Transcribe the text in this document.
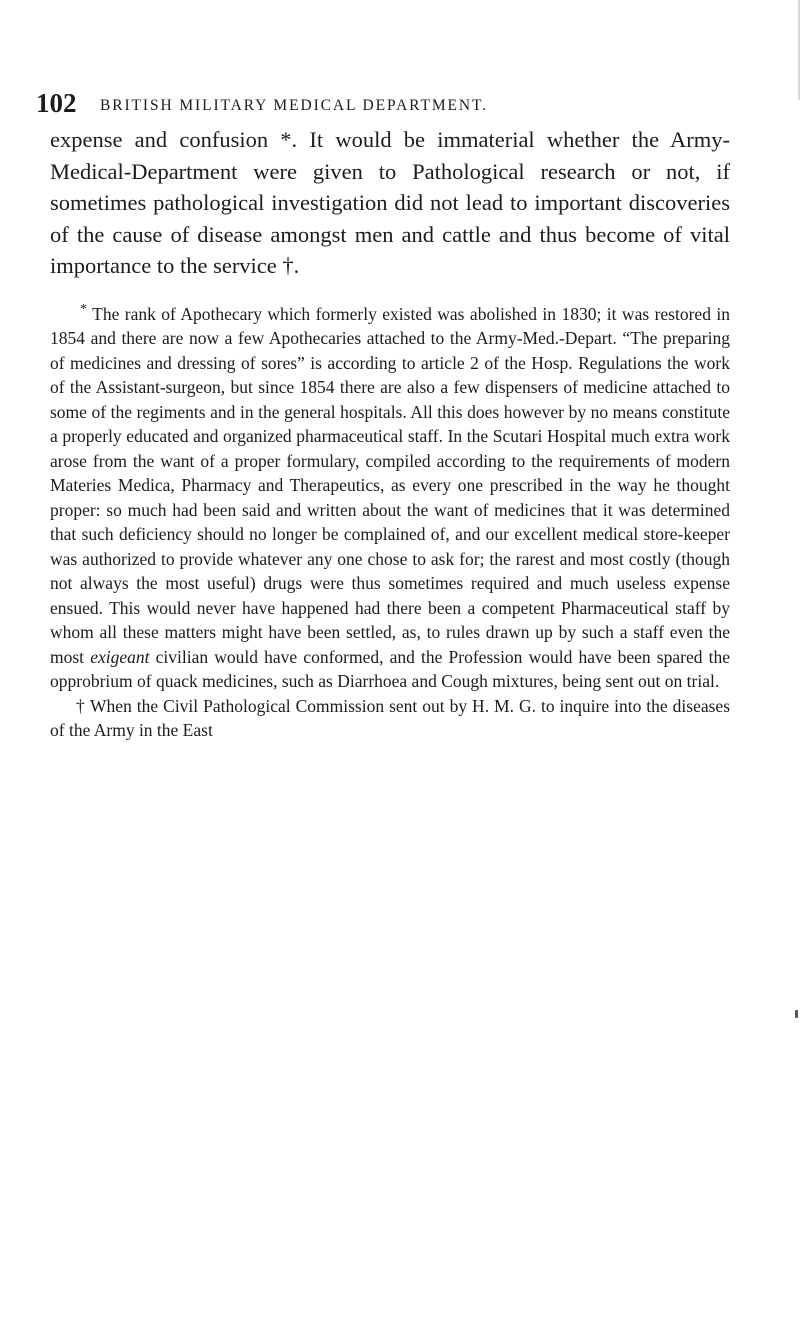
102 BRITISH MILITARY MEDICAL DEPARTMENT.

expense and confusion *. It would be immaterial whether the Army-Medical-Department were given to Pathological research or not, if sometimes pathological investigation did not lead to important discoveries of the cause of disease amongst men and cattle and thus become of vital importance to the service †.

* The rank of Apothecary which formerly existed was abolished in 1830; it was restored in 1854 and there are now a few Apothecaries attached to the Army-Med.-Depart. “The preparing of medicines and dressing of sores” is according to article 2 of the Hosp. Regulations the work of the Assistant-surgeon, but since 1854 there are also a few dispensers of medicine attached to some of the regiments and in the general hospitals. All this does however by no means constitute a properly educated and organized pharmaceutical staff. In the Scutari Hospital much extra work arose from the want of a proper formulary, compiled according to the requirements of modern Materies Medica, Pharmacy and Therapeutics, as every one prescribed in the way he thought proper: so much had been said and written about the want of medicines that it was determined that such deficiency should no longer be complained of, and our excellent medical store-keeper was authorized to provide whatever any one chose to ask for; the rarest and most costly (though not always the most useful) drugs were thus sometimes required and much useless expense ensued. This would never have happened had there been a competent Pharmaceutical staff by whom all these matters might have been settled, as, to rules drawn up by such a staff even the most exigeant civilian would have conformed, and the Profession would have been spared the opprobrium of quack medicines, such as Diarrhoea and Cough mixtures, being sent out on trial.

† When the Civil Pathological Commission sent out by H. M. G. to inquire into the diseases of the Army in the East
